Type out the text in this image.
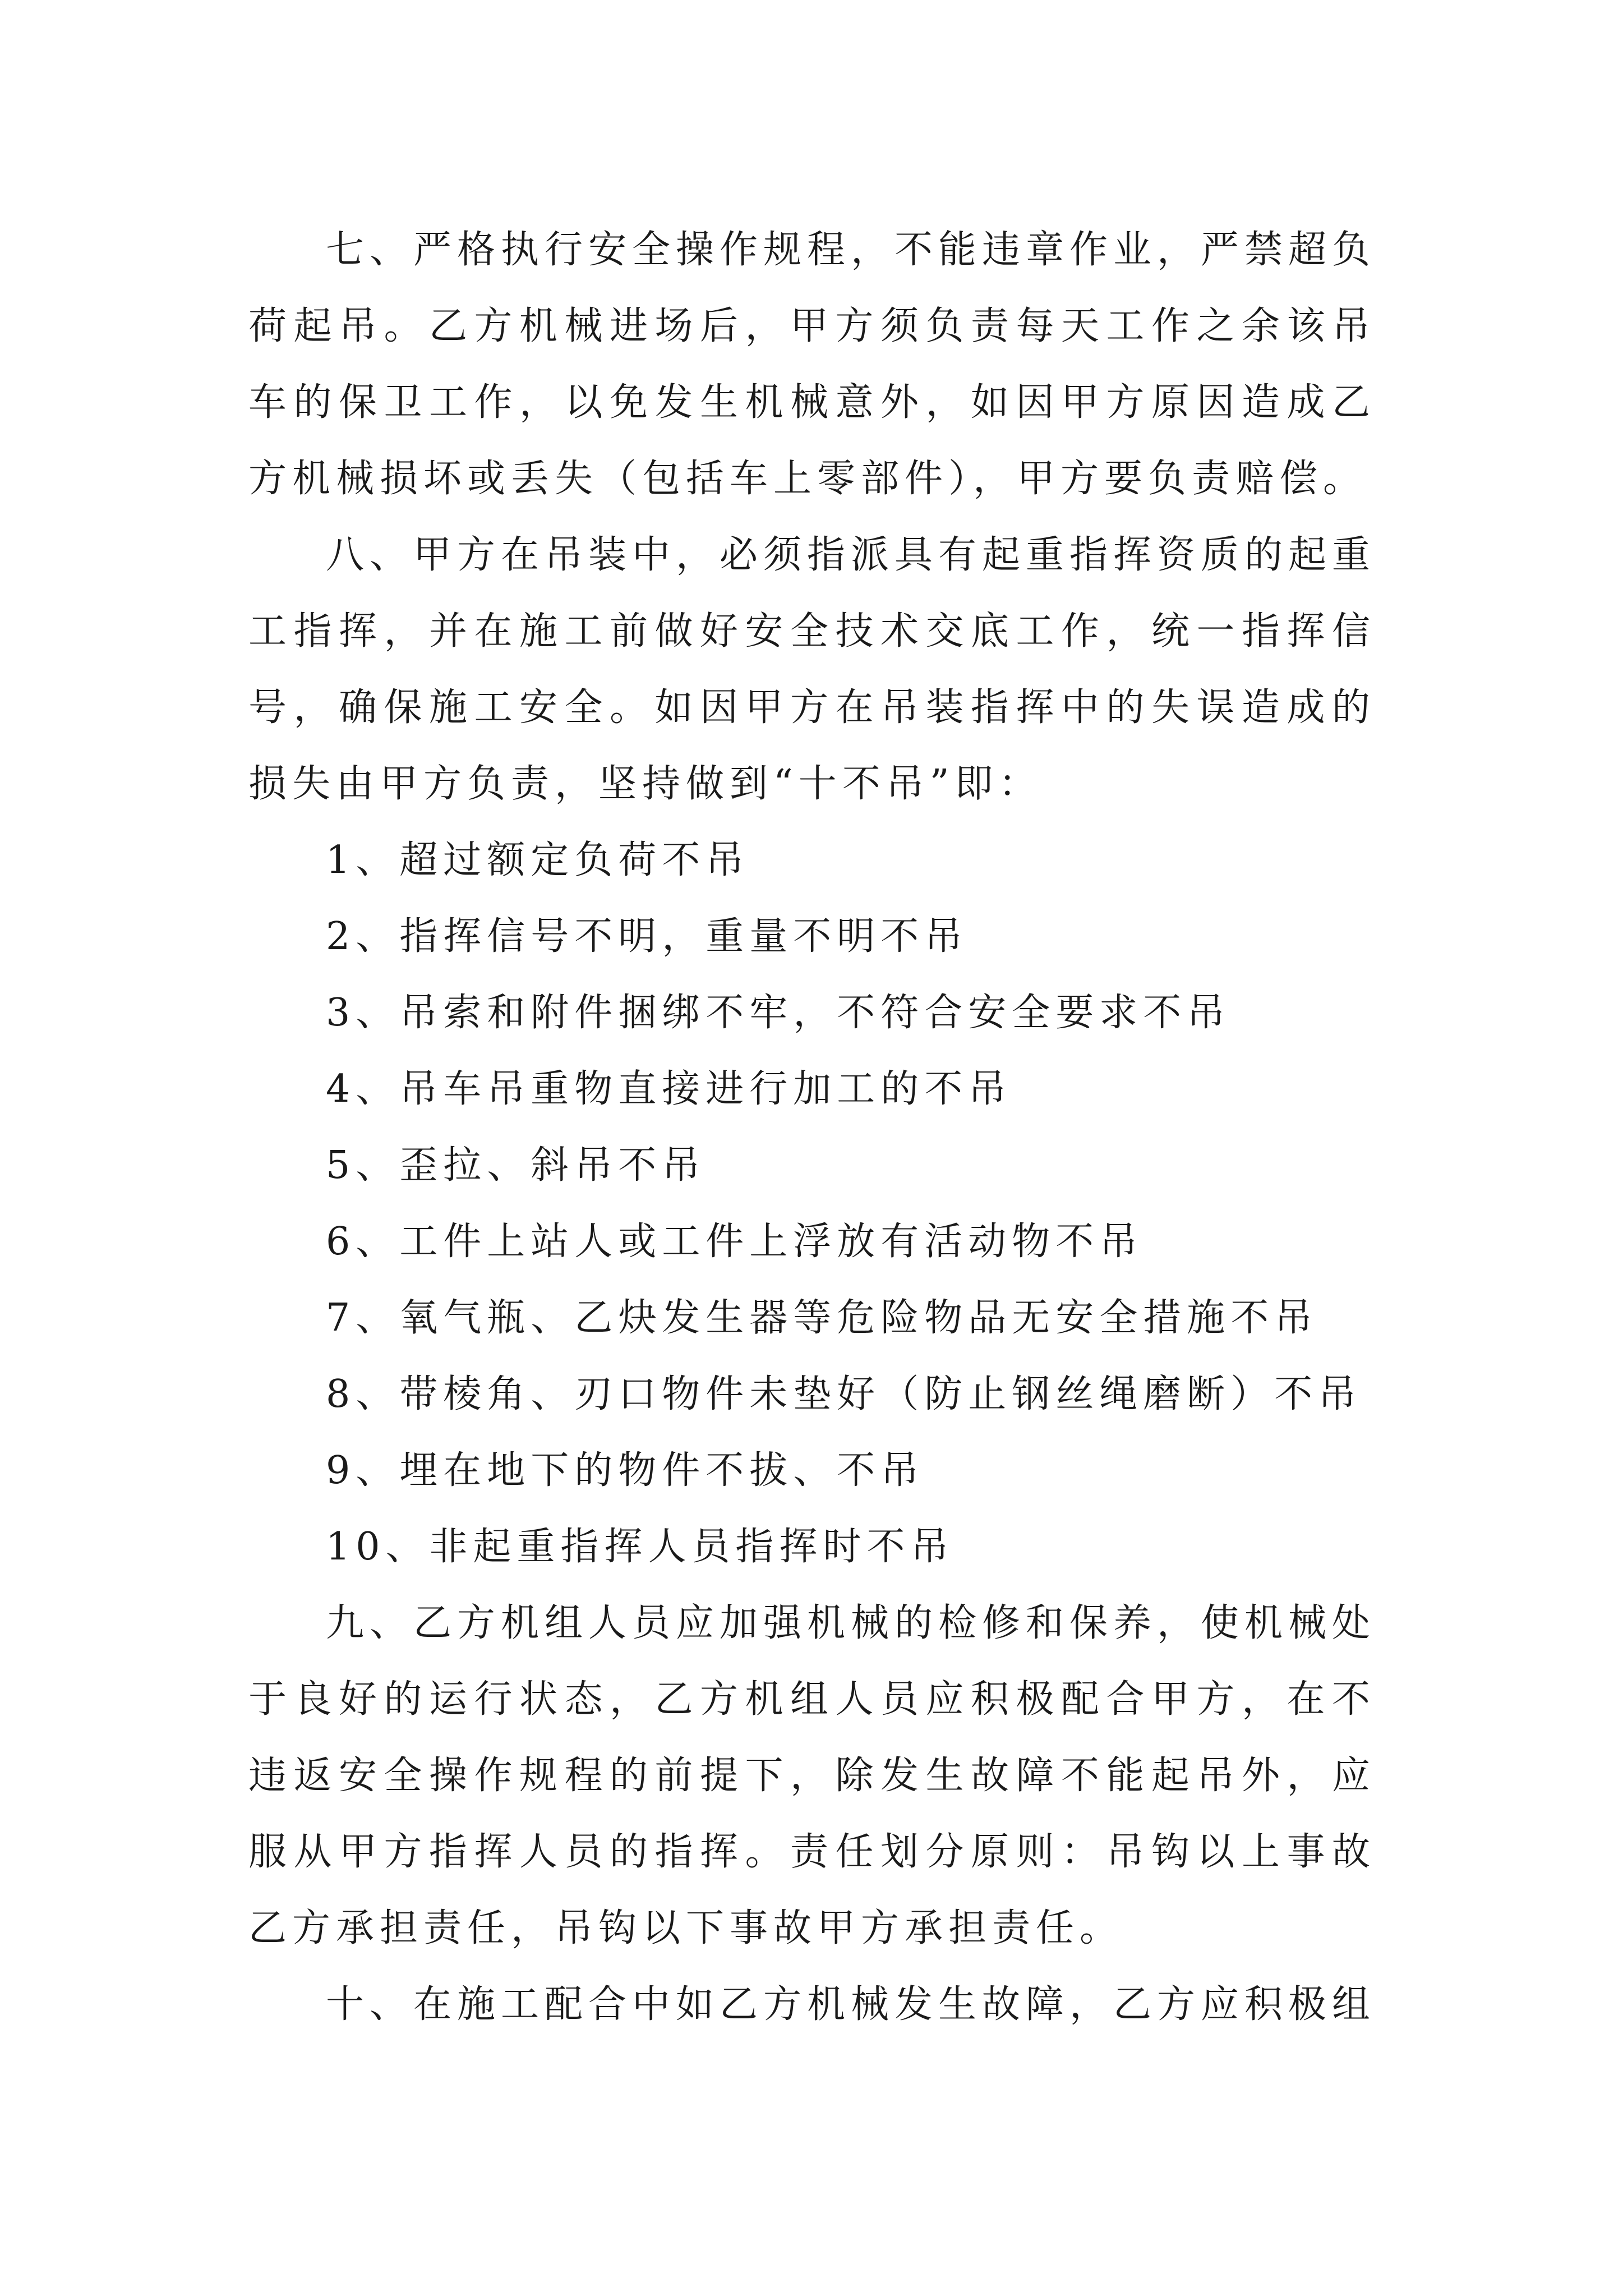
七、严格执行安全操作规程，不能违章作业，严禁超负荷起吊。乙方机械进场后，甲方须负责每天工作之余该吊车的保卫工作，以免发生机械意外，如因甲方原因造成乙方机械损坏或丢失（包括车上零部件），甲方要负责赔偿。

八、甲方在吊装中，必须指派具有起重指挥资质的起重工指挥，并在施工前做好安全技术交底工作，统一指挥信号，确保施工安全。如因甲方在吊装指挥中的失误造成的损失由甲方负责，坚持做到“十不吊”即：

1、超过额定负荷不吊

2、指挥信号不明，重量不明不吊

3、吊索和附件捆绑不牢，不符合安全要求不吊

4、吊车吊重物直接进行加工的不吊

5、歪拉、斜吊不吊

6、工件上站人或工件上浮放有活动物不吊

7、氧气瓶、乙炔发生器等危险物品无安全措施不吊

8、带棱角、刃口物件未垫好（防止钢丝绳磨断）不吊

9、埋在地下的物件不拔、不吊

10、非起重指挥人员指挥时不吊

九、乙方机组人员应加强机械的检修和保养，使机械处于良好的运行状态，乙方机组人员应积极配合甲方，在不违返安全操作规程的前提下，除发生故障不能起吊外，应服从甲方指挥人员的指挥。责任划分原则：吊钩以上事故乙方承担责任，吊钩以下事故甲方承担责任。

十、在施工配合中如乙方机械发生故障，乙方应积极组
